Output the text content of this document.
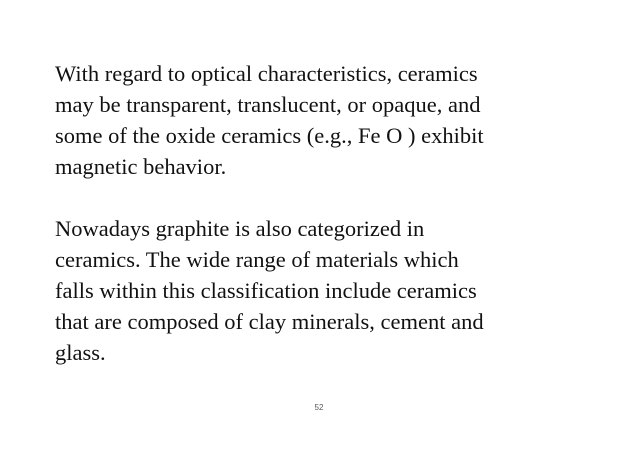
With regard to optical characteristics, ceramics
may be transparent, translucent, or opaque, and
some of the oxide ceramics (e.g., Fe O ) exhibit
magnetic behavior.

Nowadays graphite is also categorized in
ceramics. The wide range of materials which
falls within this classification include ceramics
that are composed of clay minerals, cement and
glass.

52
